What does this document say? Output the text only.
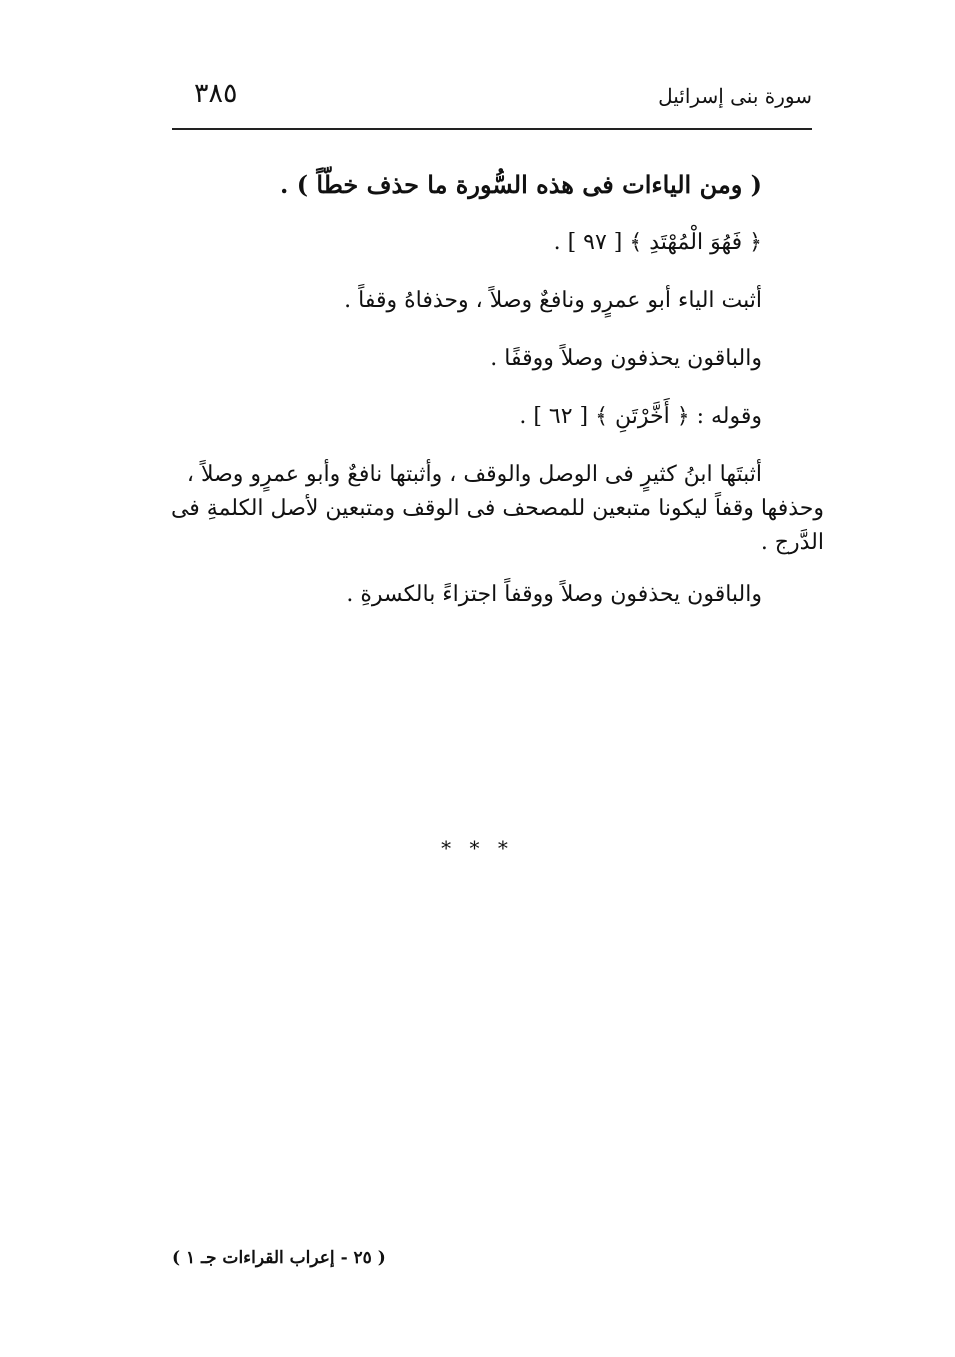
٣٨٥	سورة بنى إسرائيل

( ومن الياءات فى هذه السُّورة ما حذف خطّاً ) .

﴿ فَهُوَ الْمُهْتَدِ ﴾ [ ٩٧ ] .

أثبت الياء أبو عمرٍو ونافعٌ وصلاً ، وحذفاهُ وقفاً .

والباقون يحذفون وصلاً ووقفًا .

وقوله : ﴿ أَخَّرْتَنِ ﴾ [ ٦٢ ] .

أثبتَها ابنُ كثيرٍ فى الوصل والوقف ، وأثبتها نافعٌ وأبو عمرٍو وصلاً ،
وحذفها وقفاً ليكونا متبعين للمصحف فى الوقف ومتبعين لأصل الكلمةِ فى
الدَّرج .

والباقون يحذفون وصلاً ووقفاً اجتزاءً بالكسرةِ .

* * *
( ٢٥ - إعراب القراءات جـ ١ )
